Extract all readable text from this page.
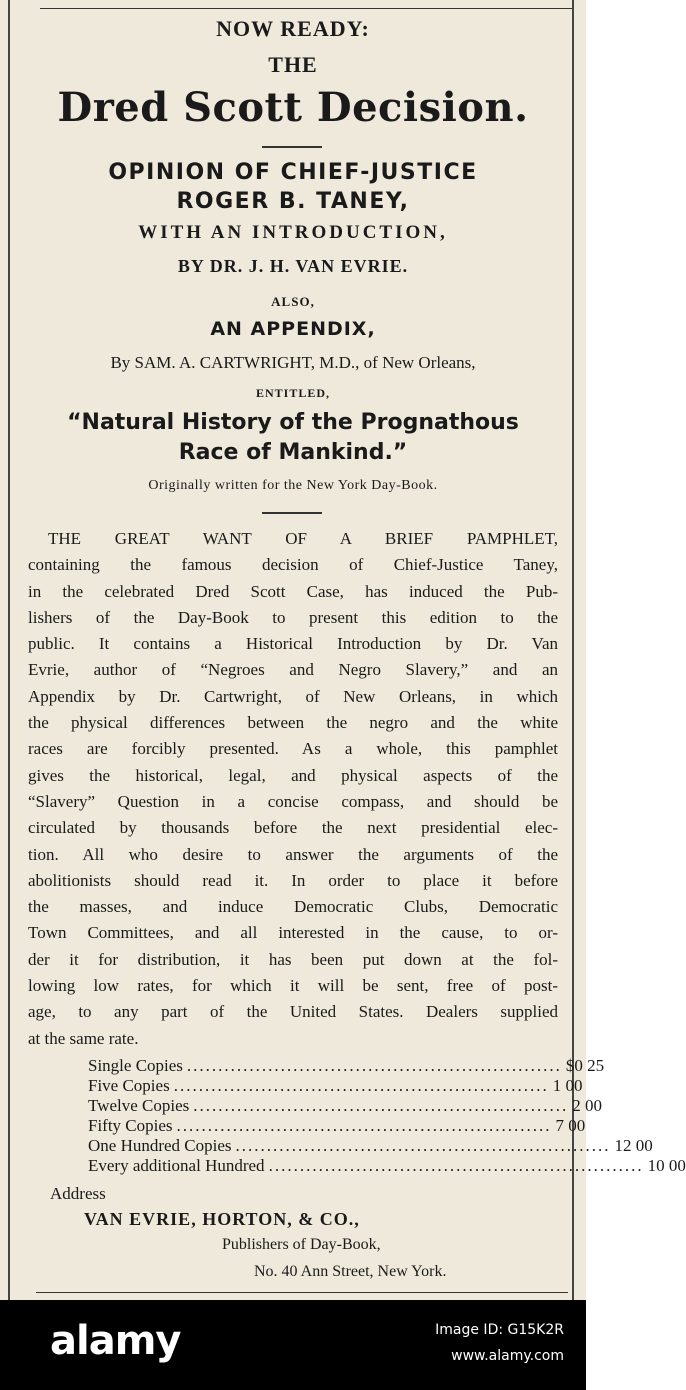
NOW READY:
THE
Dred Scott Decision.
OPINION OF CHIEF-JUSTICE
ROGER B. TANEY,
WITH AN INTRODUCTION,
BY DR. J. H. VAN EVRIE.
ALSO,
AN APPENDIX,
By SAM. A. CARTWRIGHT, M.D., of New Orleans,
ENTITLED,
“Natural History of the Prognathous
Race of Mankind.”
Originally written for the New York Day-Book.
THE GREAT WANT OF A BRIEF PAMPHLET,
containing the famous decision of Chief-Justice Taney,
in the celebrated Dred Scott Case, has induced the Pub-
lishers of the Day-Book to present this edition to the
public. It contains a Historical Introduction by Dr. Van
Evrie, author of “Negroes and Negro Slavery,” and an
Appendix by Dr. Cartwright, of New Orleans, in which
the physical differences between the negro and the white
races are forcibly presented. As a whole, this pamphlet
gives the historical, legal, and physical aspects of the
“Slavery” Question in a concise compass, and should be
circulated by thousands before the next presidential elec-
tion. All who desire to answer the arguments of the
abolitionists should read it. In order to place it before
the masses, and induce Democratic Clubs, Democratic
Town Committees, and all interested in the cause, to or-
der it for distribution, it has been put down at the fol-
lowing low rates, for which it will be sent, free of post-
age, to any part of the United States. Dealers supplied
at the same rate.
Single Copies ............................................................ $0 25
Five Copies ............................................................ 1 00
Twelve Copies ............................................................ 2 00
Fifty Copies ............................................................ 7 00
One Hundred Copies ............................................................ 12 00
Every additional Hundred ............................................................ 10 00
Address
VAN EVRIE, HORTON, & CO.,
Publishers of Day-Book,
No. 40 Ann Street, New York.
alamy	Image ID: G15K2R
www.alamy.com
